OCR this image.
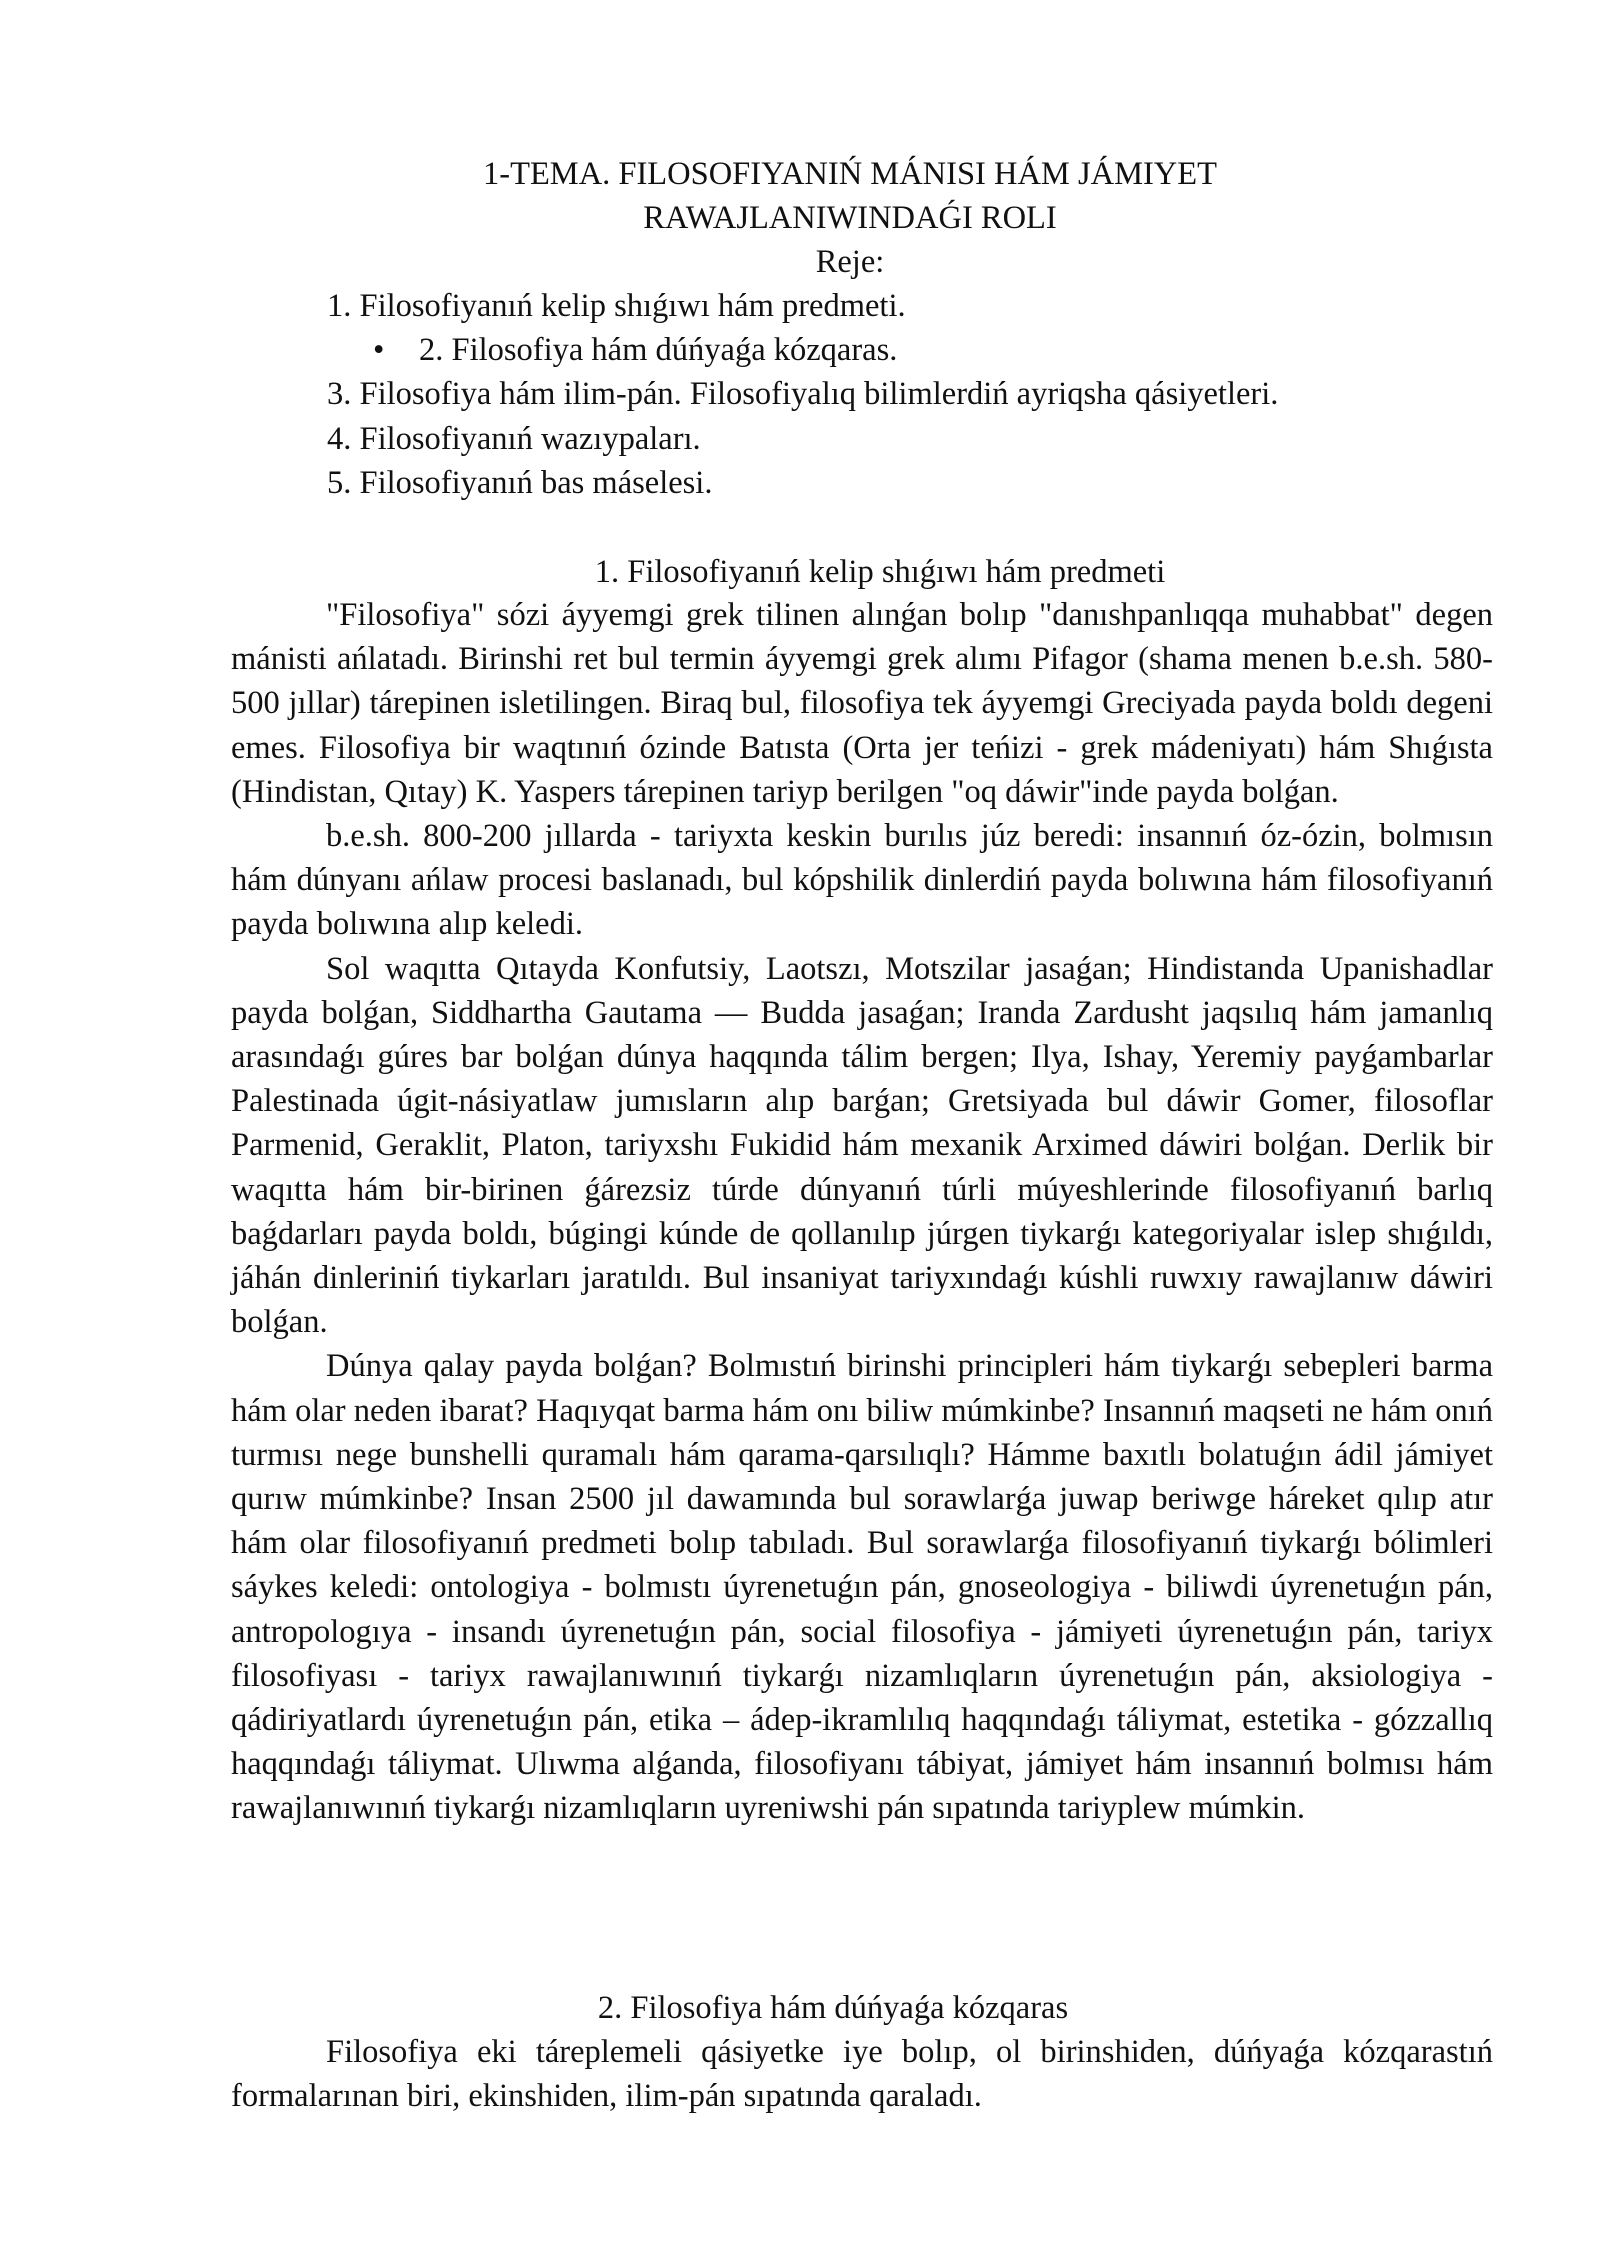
1-TEMA. FILOSOFIYANIŃ MÁNISI HÁM JÁMIYET
RAWAJLANIWINDAǴI ROLI
Reje:
1. Filosofiyanıń kelip shıǵıwı hám predmeti.
•	2. Filosofiya hám dúńyaǵa kózqaras.
3. Filosofiya hám ilim-pán. Filosofiyalıq bilimlerdiń ayriqsha qásiyetleri.
4. Filosofiyanıń wazıypaları.
5. Filosofiyanıń bas máselesi.
1. Filosofiyanıń kelip shıǵıwı hám predmeti

"Filosofiya" sózi áyyemgi grek tilinen alınǵan bolıp "danıshpanlıqqa muhabbat" degen mánisti ańlatadı. Birinshi ret bul termin áyyemgi grek alımı Pifagor (shama menen b.e.sh. 580-500 jıllar) tárepinen isletilingen. Biraq bul, filosofiya tek áyyemgi Greciyada payda boldı degeni emes. Filosofiya bir waqtınıń ózinde Batısta (Orta jer teńizi - grek mádeniyatı) hám Shıǵısta (Hindistan, Qıtay) K. Yaspers tárepinen tariyp berilgen "oq dáwir"inde payda bolǵan.

b.e.sh. 800-200 jıllarda - tariyxta keskin burılıs júz beredi: insannıń óz-ózin, bolmısın hám dúnyanı ańlaw procesi baslanadı, bul kópshilik dinlerdiń payda bolıwına hám filosofiyanıń payda bolıwına alıp keledi.

Sol waqıtta Qıtayda Konfutsiy, Laotszı, Motszilar jasaǵan; Hindistanda Upanishadlar payda bolǵan, Siddhartha Gautama — Budda jasaǵan; Iranda Zardusht jaqsılıq hám jamanlıq arasındaǵı gúres bar bolǵan dúnya haqqında tálim bergen; Ilya, Ishay, Yeremiy payǵambarlar Palestinada úgit-násiyatlaw jumısların alıp barǵan; Gretsiyada bul dáwir Gomer, filosoflar Parmenid, Geraklit, Platon, tariyxshı Fukidid hám mexanik Arximed dáwiri bolǵan. Derlik bir waqıtta hám bir-birinen ǵárezsiz túrde dúnyanıń túrli múyeshlerinde filosofiyanıń barlıq baǵdarları payda boldı, búgingi kúnde de qollanılıp júrgen tiykarǵı kategoriyalar islep shıǵıldı, jáhán dinleriniń tiykarları jaratıldı. Bul insaniyat tariyxındaǵı kúshli ruwxıy rawajlanıw dáwiri bolǵan.

Dúnya qalay payda bolǵan? Bolmıstıń birinshi principleri hám tiykarǵı sebepleri barma hám olar neden ibarat? Haqıyqat barma hám onı biliw múmkinbe? Insannıń maqseti ne hám onıń turmısı nege bunshelli quramalı hám qarama-qarsılıqlı? Hámme baxıtlı bolatuǵın ádil jámiyet qurıw múmkinbe? Insan 2500 jıl dawamında bul sorawlarǵa juwap beriwge háreket qılıp atır hám olar filosofiyanıń predmeti bolıp tabıladı. Bul sorawlarǵa filosofiyanıń tiykarǵı bólimleri sáykes keledi: ontologiya - bolmıstı úyrenetuǵın pán, gnoseologiya - biliwdi úyrenetuǵın pán, antropologıya - insandı úyrenetuǵın pán, social filosofiya - jámiyeti úyrenetuǵın pán, tariyx filosofiyası - tariyx rawajlanıwınıń tiykarǵı nizamlıqların úyrenetuǵın pán, aksiologiya - qádiriyatlardı úyrenetuǵın pán, etika – ádep-ikramlılıq haqqındaǵı táliymat, estetika - gózzallıq haqqındaǵı táliymat. Ulıwma alǵanda, filosofiyanı tábiyat, jámiyet hám insannıń bolmısı hám rawajlanıwınıń tiykarǵı nizamlıqların uyreniwshi pán sıpatında tariyplew múmkin.

2. Filosofiya hám dúńyaǵa kózqaras

Filosofiya eki táreplemeli qásiyetke iye bolıp, ol birinshiden, dúńyaǵa kózqarastıń formalarınan biri, ekinshiden, ilim-pán sıpatında qaraladı.
